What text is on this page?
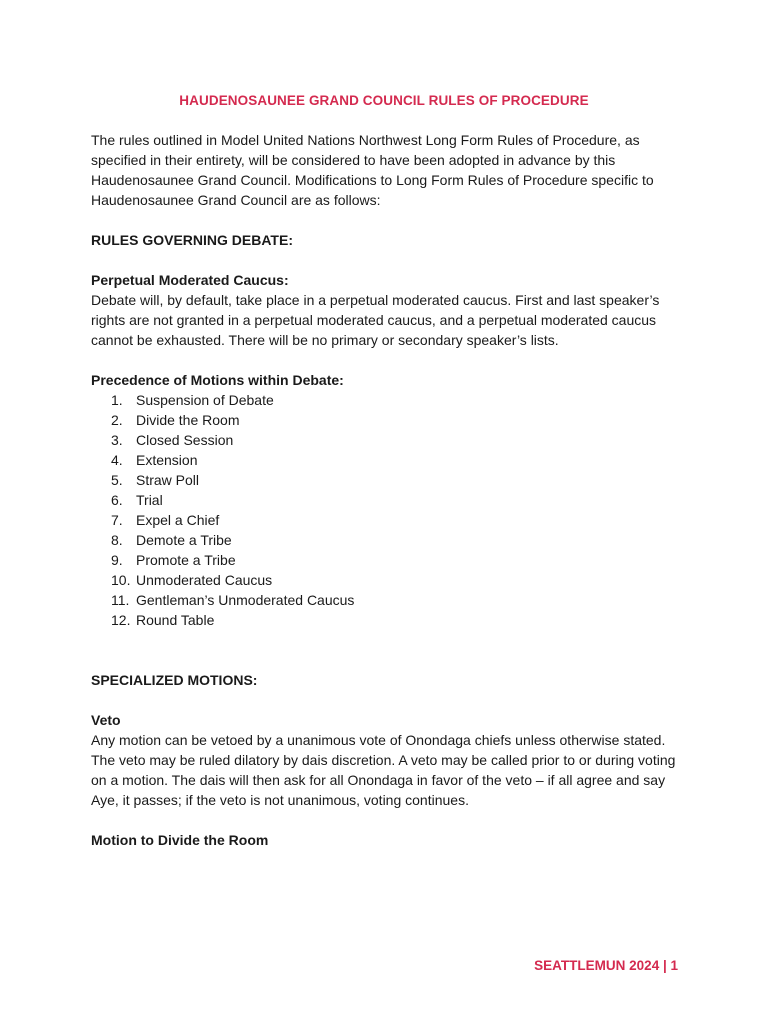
HAUDENOSAUNEE GRAND COUNCIL RULES OF PROCEDURE

The rules outlined in Model United Nations Northwest Long Form Rules of Procedure, as specified in their entirety, will be considered to have been adopted in advance by this Haudenosaunee Grand Council. Modifications to Long Form Rules of Procedure specific to Haudenosaunee Grand Council are as follows:

RULES GOVERNING DEBATE:

Perpetual Moderated Caucus:

Debate will, by default, take place in a perpetual moderated caucus. First and last speaker’s rights are not granted in a perpetual moderated caucus, and a perpetual moderated caucus cannot be exhausted. There will be no primary or secondary speaker’s lists.

Precedence of Motions within Debate:

1. Suspension of Debate
2. Divide the Room
3. Closed Session
4. Extension
5. Straw Poll
6. Trial
7. Expel a Chief
8. Demote a Tribe
9. Promote a Tribe
10. Unmoderated Caucus
11. Gentleman’s Unmoderated Caucus
12. Round Table

SPECIALIZED MOTIONS:

Veto

Any motion can be vetoed by a unanimous vote of Onondaga chiefs unless otherwise stated. The veto may be ruled dilatory by dais discretion. A veto may be called prior to or during voting on a motion. The dais will then ask for all Onondaga in favor of the veto – if all agree and say Aye, it passes; if the veto is not unanimous, voting continues.

Motion to Divide the Room

SEATTLEMUN 2024 | 1
